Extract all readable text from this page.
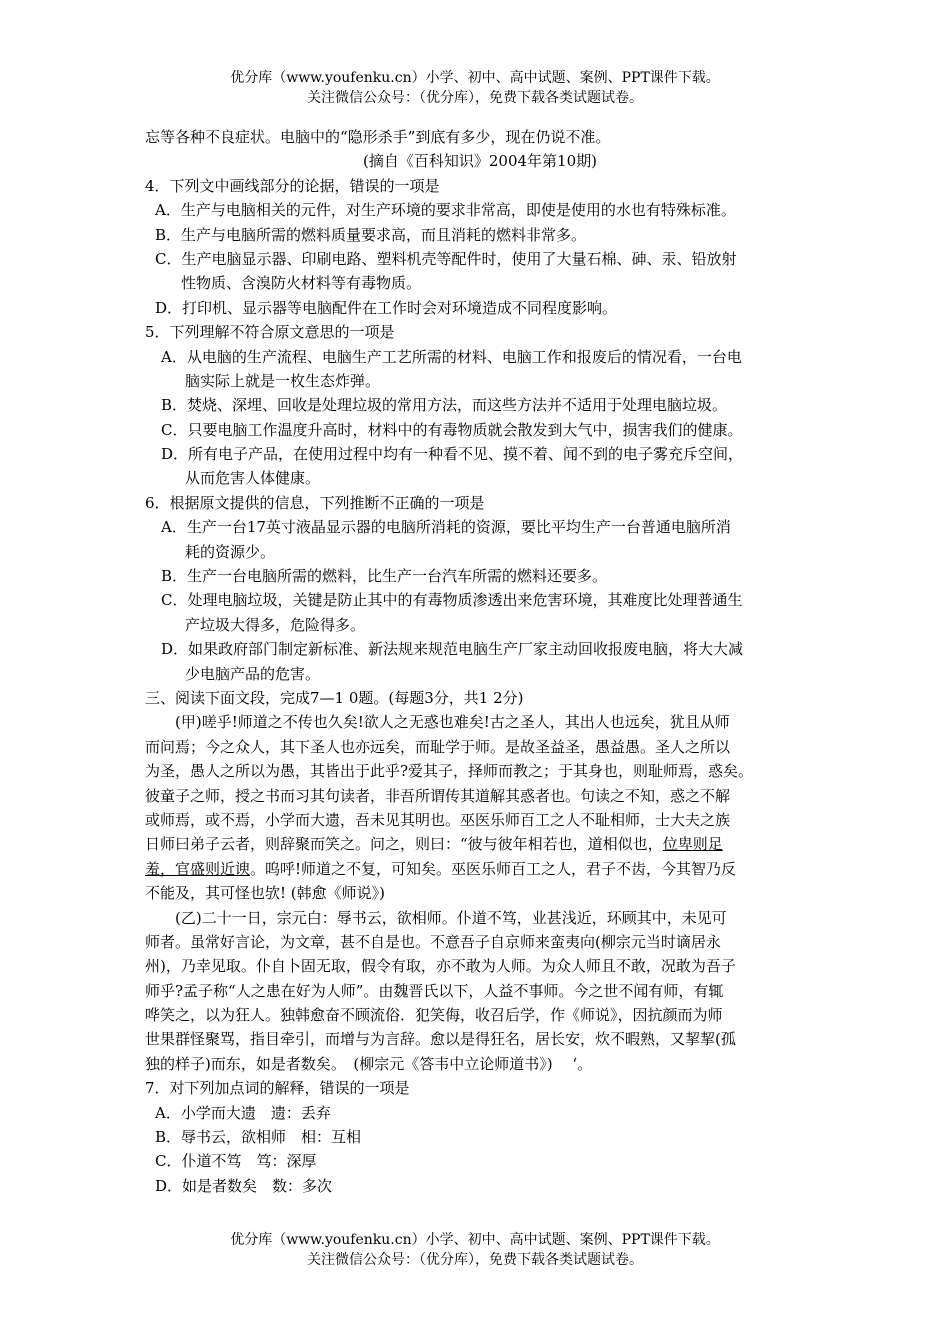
优分库（www.youfenku.cn）小学、初中、高中试题、案例、PPT课件下载。
关注微信公众号：（优分库），免费下载各类试题试卷。
忘等各种不良症状。电脑中的“隐形杀手”到底有多少，现在仍说不准。
(摘自《百科知识》2004年第10期)
4．下列文中画线部分的论据，错误的一项是
A．生产与电脑相关的元件，对生产环境的要求非常高，即使是使用的水也有特殊标准。
B．生产与电脑所需的燃料质量要求高，而且消耗的燃料非常多。
C．生产电脑显示器、印刷电路、塑料机壳等配件时，使用了大量石棉、砷、汞、铅放射
性物质、含溴防火材料等有毒物质。
D．打印机、显示器等电脑配件在工作时会对环境造成不同程度影响。
5．下列理解不符合原文意思的一项是
A．从电脑的生产流程、电脑生产工艺所需的材料、电脑工作和报废后的情况看，一台电
脑实际上就是一枚生态炸弹。
B．焚烧、深埋、回收是处理垃圾的常用方法，而这些方法并不适用于处理电脑垃圾。
C．只要电脑工作温度升高时，材料中的有毒物质就会散发到大气中，损害我们的健康。
D．所有电子产品，在使用过程中均有一种看不见、摸不着、闻不到的电子雾充斥空间，
从而危害人体健康。
6．根据原文提供的信息，下列推断不正确的一项是
A．生产一台17英寸液晶显示器的电脑所消耗的资源，要比平均生产一台普通电脑所消
耗的资源少。
B．生产一台电脑所需的燃料，比生产一台汽车所需的燃料还要多。
C．处理电脑垃圾，关键是防止其中的有毒物质渗透出来危害环境，其难度比处理普通生
产垃圾大得多，危险得多。
D．如果政府部门制定新标准、新法规来规范电脑生产厂家主动回收报废电脑，将大大减
少电脑产品的危害。
三、阅读下面文段，完成7—1 0题。(每题3分，共1 2分)
(甲)嗟乎!师道之不传也久矣!欲人之无惑也难矣!古之圣人，其出人也远矣，犹且从师
而问焉；今之众人，其下圣人也亦远矣，而耻学于师。是故圣益圣，愚益愚。圣人之所以
为圣，愚人之所以为愚，其皆出于此乎?爱其子，择师而教之；于其身也，则耻师焉，惑矣。
彼童子之师，授之书而习其句读者，非吾所谓传其道解其惑者也。句读之不知，惑之不解
或师焉，或不焉，小学而大遗，吾未见其明也。巫医乐师百工之人不耻相师，士大夫之族
日师曰弟子云者，则辞聚而笑之。问之，则曰：“彼与彼年相若也，道相似也，位卑则足
羞，官盛则近谀。呜呼!师道之不复，可知矣。巫医乐师百工之人，君子不齿，今其智乃反
不能及，其可怪也欤! (韩愈《师说》)
(乙)二十一日，宗元白：辱书云，欲相师。仆道不笃，业甚浅近，环顾其中，未见可
师者。虽常好言论，为文章，甚不自是也。不意吾子自京师来蛮夷向(柳宗元当时谪居永
州)，乃幸见取。仆自卜固无取，假令有取，亦不敢为人师。为众人师且不敢，况敢为吾子
师乎?孟子称“人之患在好为人师”。由魏晋氏以下，人益不事师。今之世不闻有师，有辄
哗笑之，以为狂人。独韩愈奋不顾流俗．犯笑侮，收召后学，作《师说》，因抗颜而为师
世果群怪聚骂，指目牵引，而增与为言辞。愈以是得狂名，居长安，炊不暇熟，又挈挈(孤
独的样子)而东，如是者数矣。　(柳宗元《答韦中立论师道书》)　 ‘。
7．对下列加点词的解释，错误的一项是
A．小学而大遗　遗：丢弃
B．辱书云，欲相师　相：互相
C．仆道不笃　笃：深厚
D．如是者数矣　数：多次
优分库（www.youfenku.cn）小学、初中、高中试题、案例、PPT课件下载。
关注微信公众号：（优分库），免费下载各类试题试卷。
